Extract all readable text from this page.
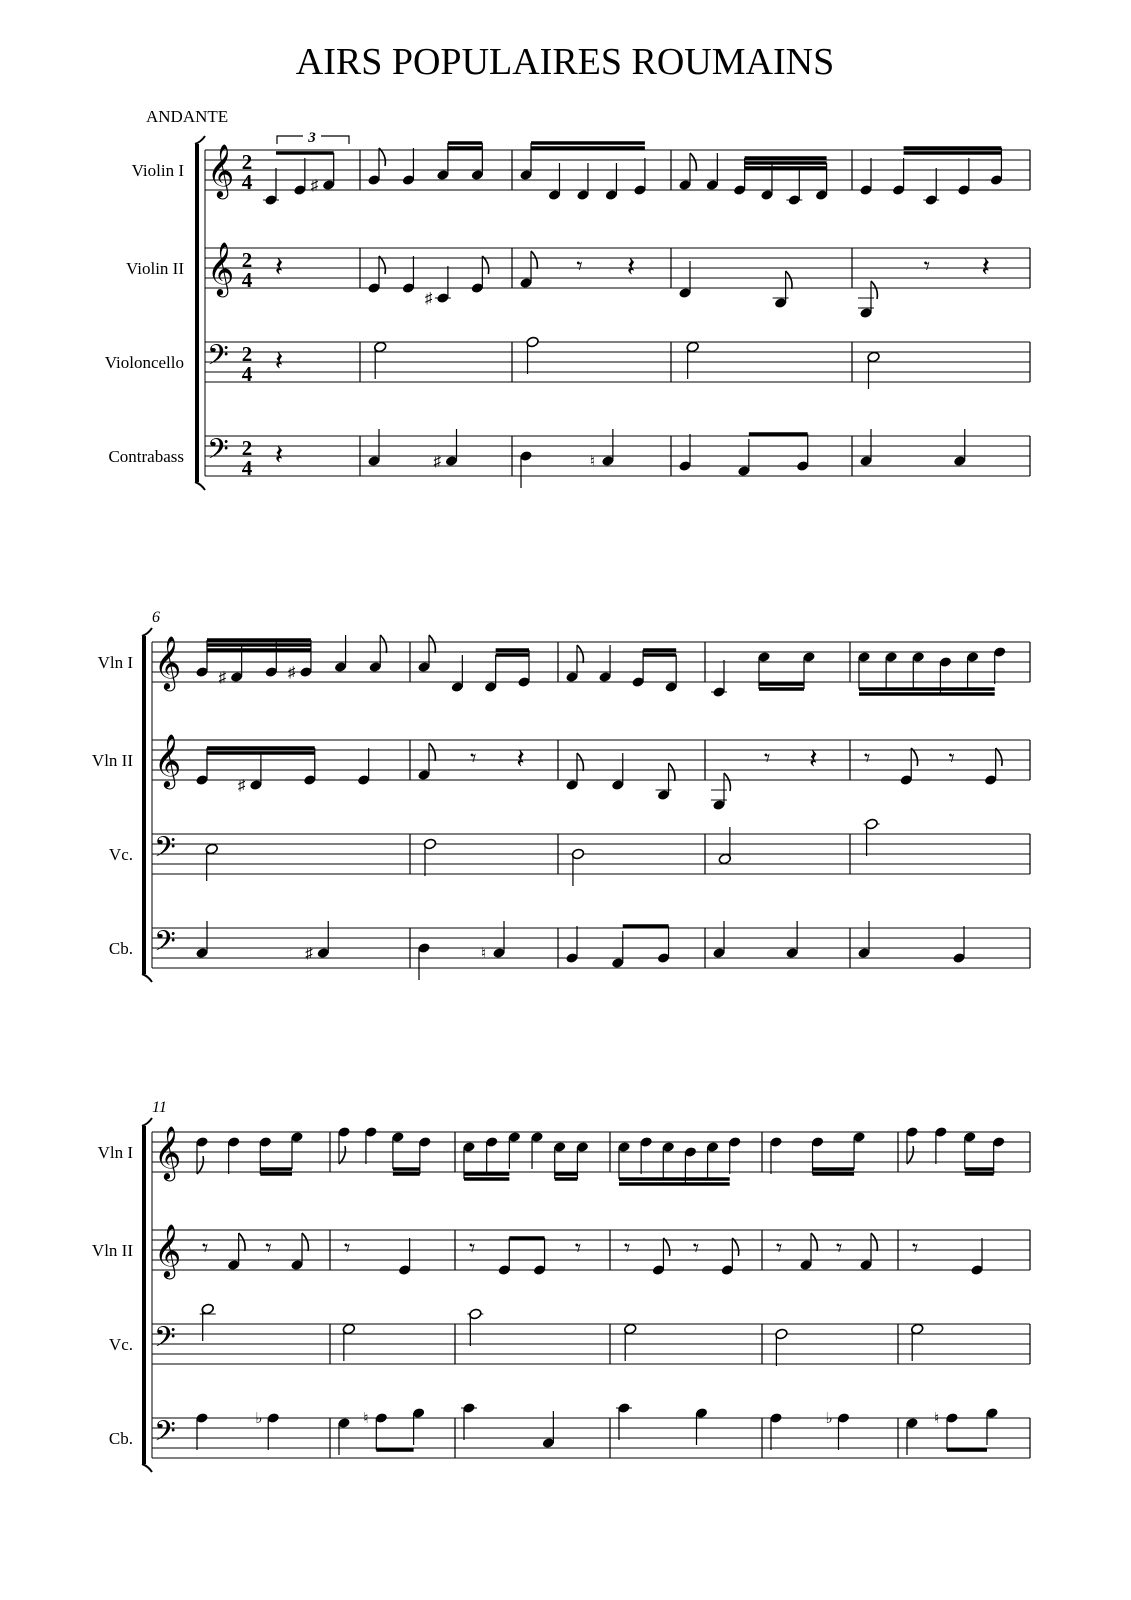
AIRS POPULAIRES ROUMAINS
ANDANTE
Violin I 𝄞 2
4	♯
Violin II 𝄞 2
4 𝄽
♯
𝄾 𝄽	𝄾 𝄽
Violoncello 𝄢 2
4 𝄽
Contrabass 𝄢 2
4 𝄽	♯	♮
6
Vln I 𝄞 ♯	♯
Vln II 𝄞	♯
𝄾 𝄽	𝄾 𝄽 𝄾	𝄾
Vc. 𝄢
Cb. 𝄢	♯	♮
11
Vln I 𝄞
Vln II 𝄞 𝄾 𝄾	𝄾	𝄾	𝄾 𝄾	𝄾	𝄾 𝄾	𝄾
Vc. 𝄢
Cb. 𝄢	♭	♮	♭	♮
3
